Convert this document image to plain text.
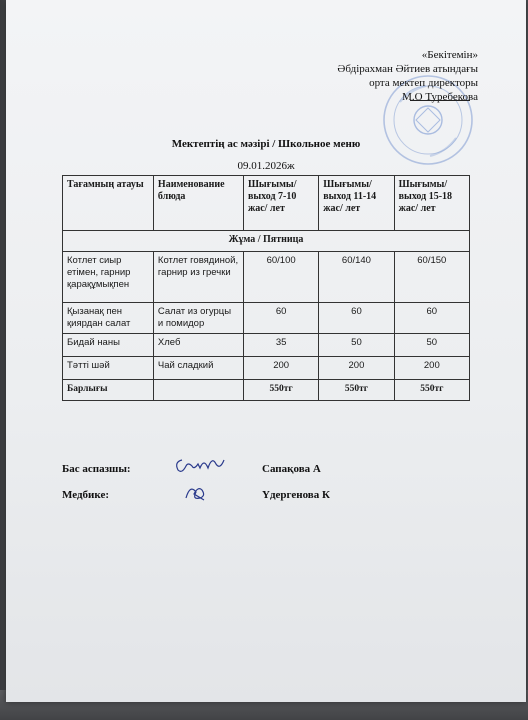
«Бекітемін»
Әбдірахман Әйтиев атындағы
орта мектеп директоры
М.О Туребекова
Мектептің ас мәзірі / Школьное меню
09.01.2026ж
Тағамның атауы	Наименование блюда	Шығымы/ выход 7-10 жас/ лет	Шығымы/ выход 11-14 жас/ лет	Шығымы/ выход 15-18 жас/ лет
Жұма / Пятница				
Котлет сиыр етімен, гарнир қарақұмықпен	Котлет говядиной, гарнир из гречки	60/100	60/140	60/150
Қызанақ пен қиярдан салат	Салат из огурцы и помидор	60	60	60
Бидай наны	Хлеб	35	50	50
Тәтті шәй	Чай сладкий	200	200	200
Барлығы		550тг	550тг	550тг
Бас аспазшы:	Сапақова А
Медбике:	Үдергенова К
